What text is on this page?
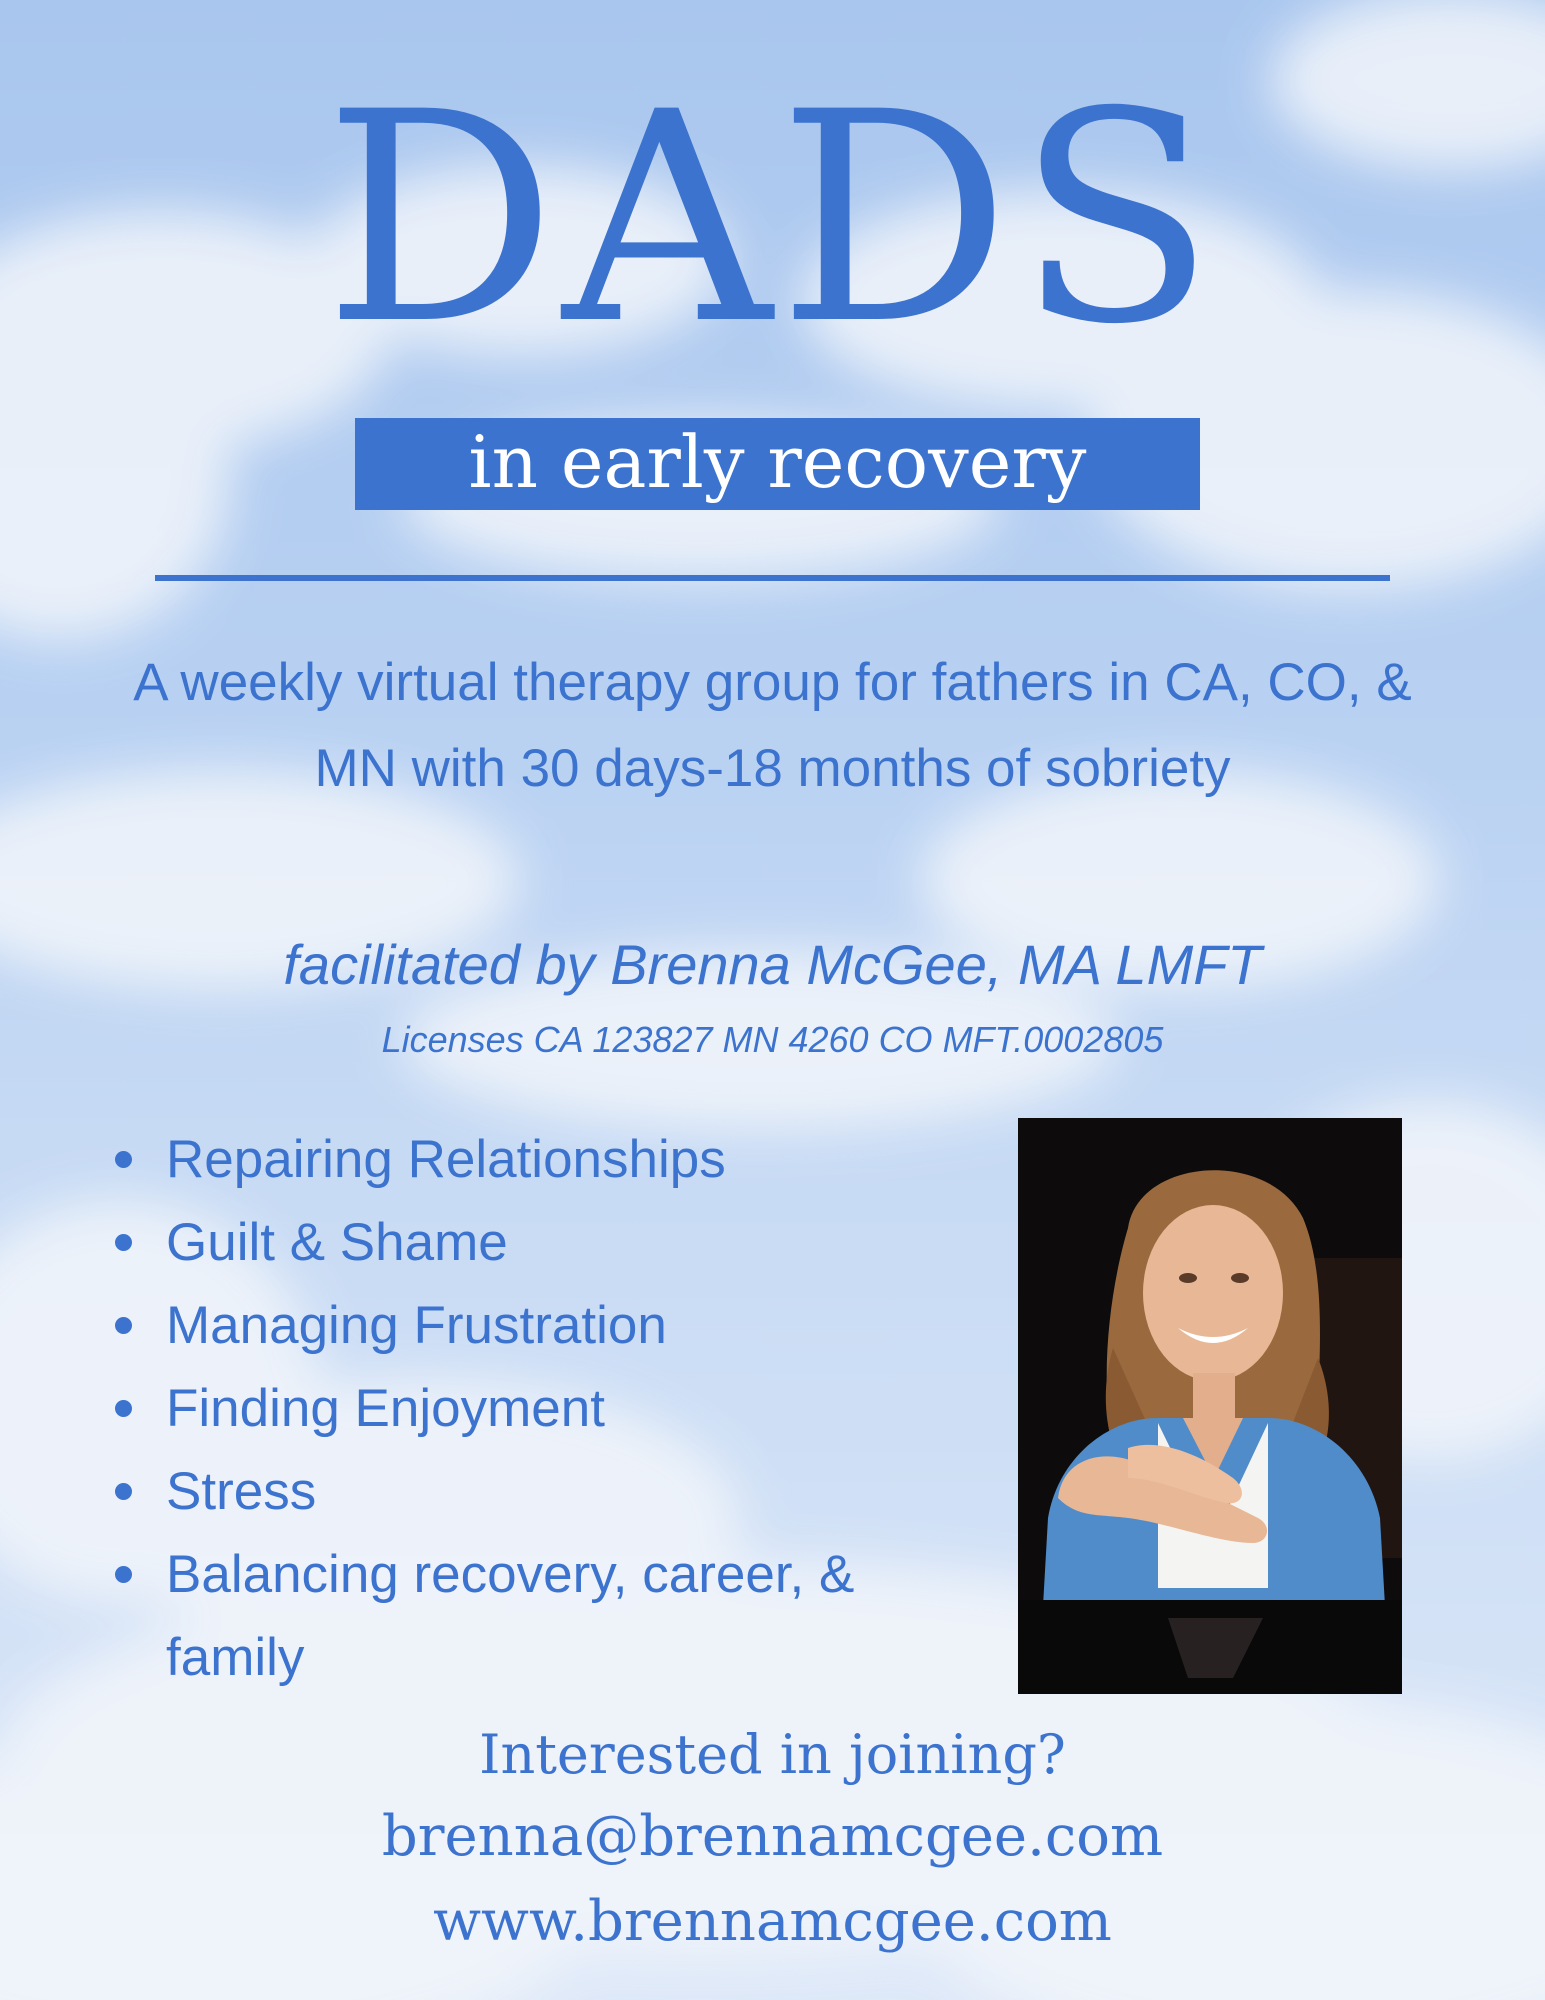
DADS
in early recovery

A weekly virtual therapy group for fathers in CA, CO, & MN with 30 days-18 months of sobriety

facilitated by Brenna McGee, MA LMFT
Licenses CA 123827 MN 4260 CO MFT.0002805
Repairing Relationships
Guilt & Shame
Managing Frustration
Finding Enjoyment
Stress
Balancing recovery, career, & family
Interested in joining?
brenna@brennamcgee.com
www.brennamcgee.com
